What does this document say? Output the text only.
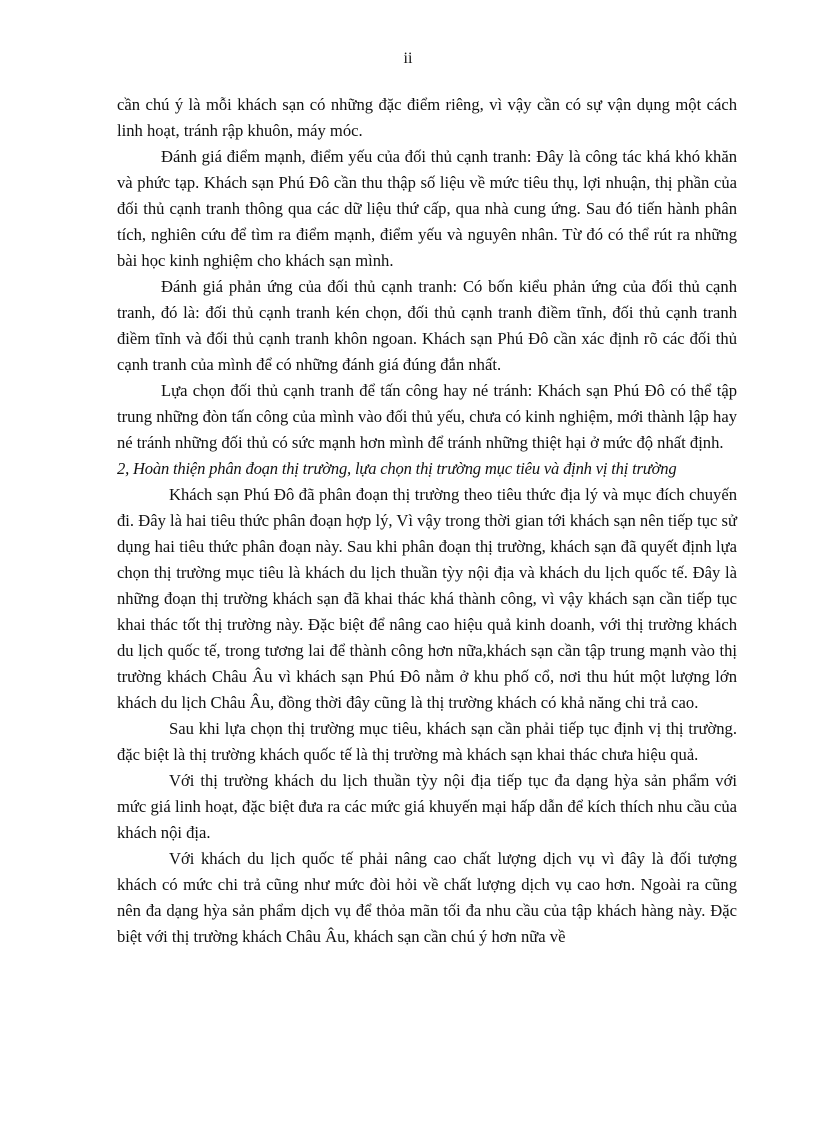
ii

cần chú ý là mỗi khách sạn có những đặc điểm riêng, vì vậy cần có sự vận dụng một cách linh hoạt, tránh rập khuôn, máy móc.

Đánh giá điểm mạnh, điểm yếu của đối thủ cạnh tranh: Đây là công tác khá khó khăn và phức tạp. Khách sạn Phú Đô cần thu thập số liệu về mức tiêu thụ, lợi nhuận, thị phần của đối thủ cạnh tranh thông qua các dữ liệu thứ cấp, qua nhà cung ứng. Sau đó tiến hành phân tích, nghiên cứu để tìm ra điểm mạnh, điểm yếu và nguyên nhân. Từ đó có thể rút ra những bài học kinh nghiệm cho khách sạn mình.

Đánh giá phản ứng của đối thủ cạnh tranh: Có bốn kiểu phản ứng của đối thủ cạnh tranh, đó là: đối thủ cạnh tranh kén chọn, đối thủ cạnh tranh điềm tĩnh, đối thủ cạnh tranh điềm tĩnh và đối thủ cạnh tranh khôn ngoan. Khách sạn Phú Đô cần xác định rõ các đối thủ cạnh tranh của mình để có những đánh giá đúng đắn nhất.

Lựa chọn đối thủ cạnh tranh để tấn công hay né tránh: Khách sạn Phú Đô có thể tập trung những đòn tấn công của mình vào đối thủ yếu, chưa có kinh nghiệm, mới thành lập hay né tránh những đối thủ có sức mạnh hơn mình để tránh những thiệt hại ở mức độ nhất định.

2, Hoàn thiện phân đoạn thị trường, lựa chọn thị trường mục tiêu và định vị thị trường

Khách sạn Phú Đô đã phân đoạn thị trường theo tiêu thức địa lý và mục đích chuyến đi. Đây là hai tiêu thức phân đoạn hợp lý, Vì vậy trong thời gian tới khách sạn nên tiếp tục sử dụng hai tiêu thức phân đoạn này. Sau khi phân đoạn thị trường, khách sạn đã quyết định lựa chọn thị trường mục tiêu là khách du lịch thuần tỳy nội địa và khách du lịch quốc tế. Đây là những đoạn thị trường khách sạn đã khai thác khá thành công, vì vậy khách sạn cần tiếp tục khai thác tốt thị trường này. Đặc biệt để nâng cao hiệu quả kinh doanh, với thị trường khách du lịch quốc tế, trong tương lai để thành công hơn nữa,khách sạn cần tập trung mạnh vào thị trường khách Châu Âu vì khách sạn Phú Đô nằm ở khu phố cổ, nơi thu hút một lượng lớn khách du lịch Châu Âu, đồng thời đây cũng là thị trường khách có khả năng chi trả cao.

Sau khi lựa chọn thị trường mục tiêu, khách sạn cần phải tiếp tục định vị thị trường. đặc biệt là thị trường khách quốc tế là thị trường mà khách sạn khai thác chưa hiệu quả.

Với thị trường khách du lịch thuần tỳy nội địa tiếp tục đa dạng hỳa sản phẩm với mức giá linh hoạt, đặc biệt đưa ra các mức giá khuyến mại hấp dẫn để kích thích nhu cầu của khách nội địa.

Với khách du lịch quốc tế phải nâng cao chất lượng dịch vụ vì đây là đối tượng khách có mức chi trả cũng như mức đòi hỏi về chất lượng dịch vụ cao hơn. Ngoài ra cũng nên đa dạng hỳa sản phẩm dịch vụ để thỏa mãn tối đa nhu cầu của tập khách hàng này. Đặc biệt với thị trường khách Châu Âu, khách sạn cần chú ý hơn nữa về
